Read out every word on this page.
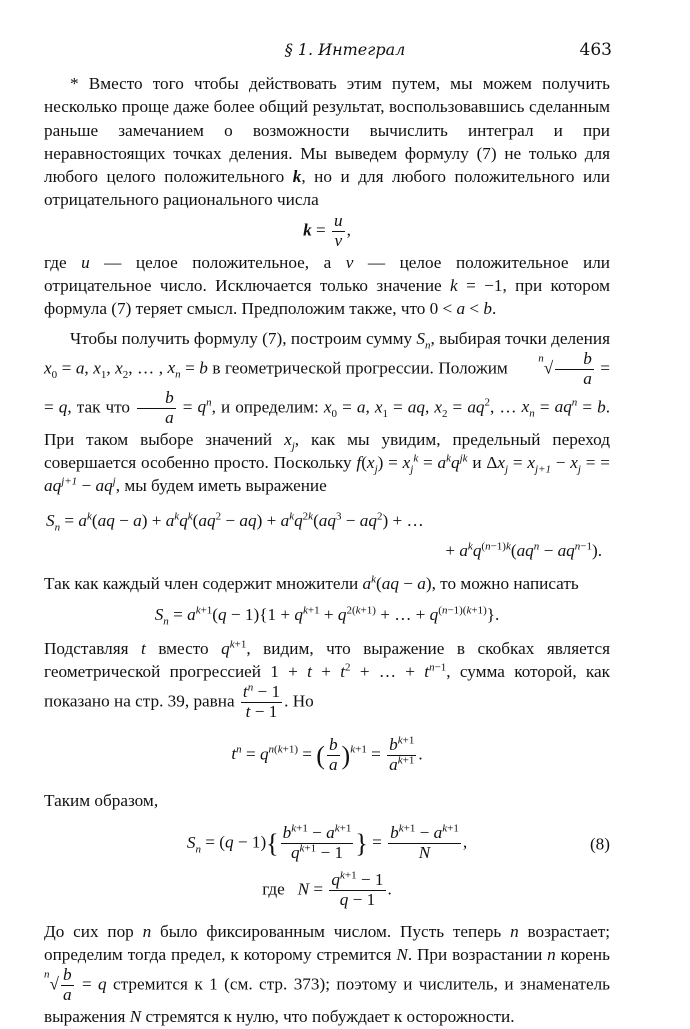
§ 1. Интеграл	463

* Вместо того чтобы действовать этим путем, мы можем получить несколько проще даже более общий результат, воспользовавшись сделанным раньше замечанием о возможности вычислить интеграл и при неравностоящих точках деления. Мы выведем формулу (7) не только для любого целого положительного k, но и для любого положительного или отрицательного рационального числа

$k = \frac{u}{v}$ ,

где u — целое положительное, а v — целое положительное или отрицательное число. Исключается только значение k = −1, при котором формула (7) теряет смысл. Предположим также, что 0 < a < b.

Чтобы получить формулу (7), построим сумму $S_n$, выбирая точки деления $x_0 = a$, $x_1$, $x_2$, … , $x_n = b$ в геометрической прогрессии. Положим $^n√ \frac{b}{a}$ = = q, так что $\frac{b}{a} = q^n$, и определим: $x_0 = a$, $x_1$ = aq, $x_2 = aq^2$, … $x_n = aq^n = b$. При таком выборе значений $x_j$, как мы увидим, предельный переход совершается особенно просто. Поскольку $f(x_j) = x_j^k = a^kq^{jk}$ и $\Delta x_j = x_{j+1} - x_j$ = = $aq^{j+1} - aq^j$, мы будем иметь выражение

$S_n = a^k(aq - a) + a^kq^k(aq^2 - aq) + a^kq^{2k}(aq^3 - aq^2)$ + …
+ $a^kq^{(n-1)k}(aq^n - aq^{n-1})$.

Так как каждый член содержит множители $a^k(aq - a)$, то можно написать

$S_n = a^{k+1}(q - 1)\{1 + q^{k+1} + q^{2(k+1)}$ + … + $q^{(n-1)(k+1)}$}.

Подставляя t вместо $q^{k+1}$, видим, что выражение в скобках является геометрической прогрессией $1 + t + t^2$ + … + $t^{n-1}$, сумма которой, как показано на стр. 39, равна $\frac{t^n - 1}{t - 1}$ . Но

$t^n = q^{n(k+1)}$ = ( $\frac{b}{a} )^{k+1} = \frac{b^{k+1}}{a^{k+1}}$ .

Таким образом,

$S_n = (q - 1)\{ \frac{b^{k+1} - a^{k+1}}{q^{k+1} - 1}$ } = $\frac{b^{k+1} - a^{k+1}}{N}$ ,	(8)
где   $N = \frac{q^{k+1} - 1}{q - 1}$ .

До сих пор n было фиксированным числом. Пусть теперь n возрастает; определим тогда предел, к которому стремится N. При возрастании n корень $^n√ \frac{b}{a} = q$ стремится к 1 (см. стр. 373); поэтому и числитель, и знаменатель выражения N стремятся к нулю, что побуждает к осторожности.
